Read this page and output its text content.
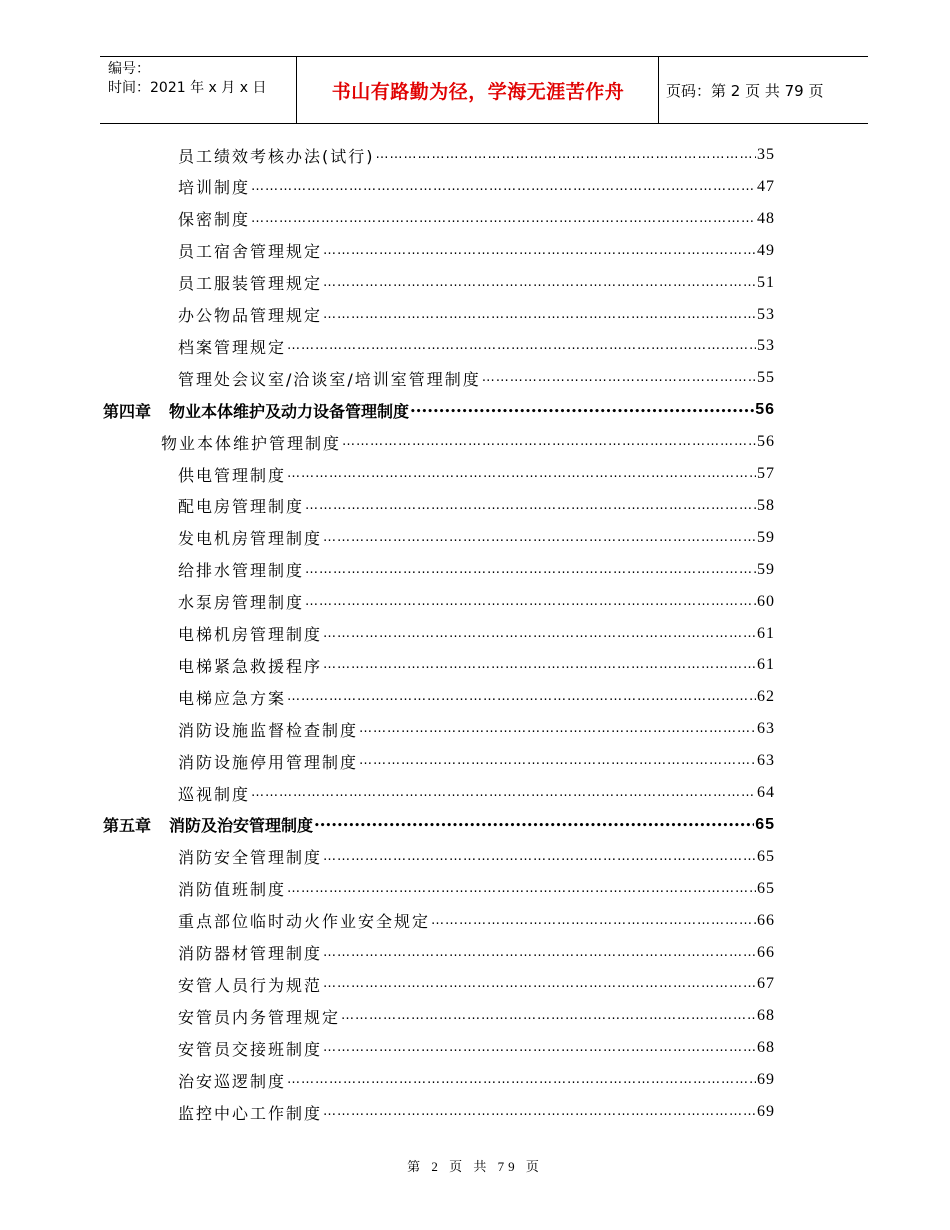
编号：
时间：2021 年 x 月 x 日	书山有路勤为径，学海无涯苦作舟	页码：第 2 页 共 79 页
员工绩效考核办法(试行) ……………………………………………………………………………………………………………………………………………………………………………………	35
培训制度 ……………………………………………………………………………………………………………………………………………………………………………………	47
保密制度 ……………………………………………………………………………………………………………………………………………………………………………………	48
员工宿舍管理规定 ……………………………………………………………………………………………………………………………………………………………………………………	49
员工服装管理规定 ……………………………………………………………………………………………………………………………………………………………………………………	51
办公物品管理规定 ……………………………………………………………………………………………………………………………………………………………………………………	53
档案管理规定 ……………………………………………………………………………………………………………………………………………………………………………………	53
管理处会议室/洽谈室/培训室管理制度 ……………………………………………………………………………………………………………………………………………………………………………………	55
第四章 物业本体维护及动力设备管理制度 •••••	56
物业本体维护管理制度 ……………………………………………………………………………………………………………………………………………………………………………………	56
供电管理制度 ……………………………………………………………………………………………………………………………………………………………………………………	57
配电房管理制度 ……………………………………………………………………………………………………………………………………………………………………………………	58
发电机房管理制度 ……………………………………………………………………………………………………………………………………………………………………………………	59
给排水管理制度 ……………………………………………………………………………………………………………………………………………………………………………………	59
水泵房管理制度 ……………………………………………………………………………………………………………………………………………………………………………………	60
电梯机房管理制度 ……………………………………………………………………………………………………………………………………………………………………………………	61
电梯紧急救援程序 ……………………………………………………………………………………………………………………………………………………………………………………	61
电梯应急方案 ……………………………………………………………………………………………………………………………………………………………………………………	62
消防设施监督检查制度 ……………………………………………………………………………………………………………………………………………………………………………………	63
消防设施停用管理制度 ……………………………………………………………………………………………………………………………………………………………………………………	63
巡视制度 ……………………………………………………………………………………………………………………………………………………………………………………	64
第五章 消防及治安管理制度 •••••	65
消防安全管理制度 ……………………………………………………………………………………………………………………………………………………………………………………	65
消防值班制度 ……………………………………………………………………………………………………………………………………………………………………………………	65
重点部位临时动火作业安全规定 ……………………………………………………………………………………………………………………………………………………………………………………	66
消防器材管理制度 ……………………………………………………………………………………………………………………………………………………………………………………	66
安管人员行为规范 ……………………………………………………………………………………………………………………………………………………………………………………	67
安管员内务管理规定 ……………………………………………………………………………………………………………………………………………………………………………………	68
安管员交接班制度 ……………………………………………………………………………………………………………………………………………………………………………………	68
治安巡逻制度 ……………………………………………………………………………………………………………………………………………………………………………………	69
监控中心工作制度 ……………………………………………………………………………………………………………………………………………………………………………………	69
第 2 页 共 79 页
